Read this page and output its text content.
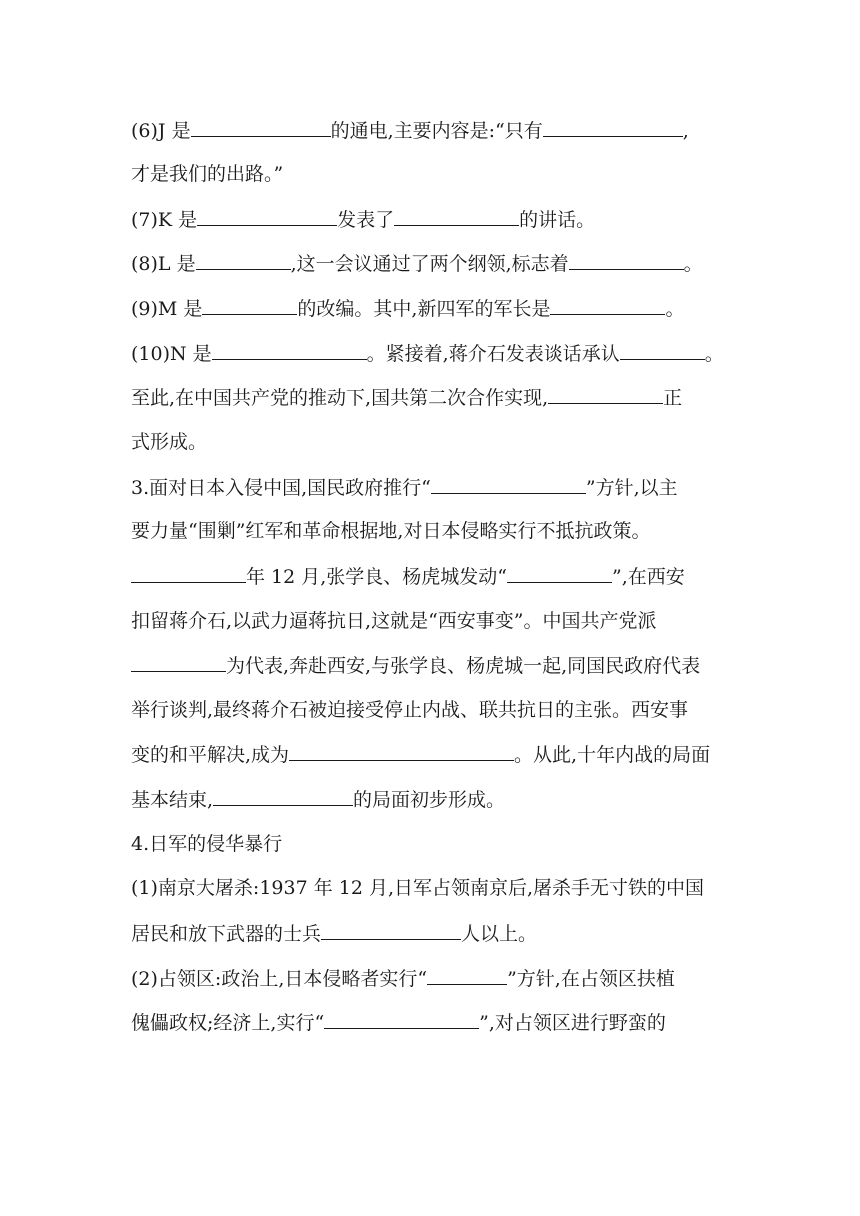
(6)J 是	的通电,主要内容是:“只有	,
才是我们的出路。”
(7)K 是	发表了	的讲话。
(8)L 是	,这一会议通过了两个纲领,标志着	。
(9)M 是	的改编。其中,新四军的军长是	。
(10)N 是	。紧接着,蒋介石发表谈话承认	。
至此,在中国共产党的推动下,国共第二次合作实现,	正
式形成。
3.面对日本入侵中国,国民政府推行“	”方针,以主
要力量“围剿”红军和革命根据地,对日本侵略实行不抵抗政策。
年 12 月,张学良、杨虎城发动“	”,在西安
扣留蒋介石,以武力逼蒋抗日,这就是“西安事变”。中国共产党派
为代表,奔赴西安,与张学良、杨虎城一起,同国民政府代表
举行谈判,最终蒋介石被迫接受停止内战、联共抗日的主张。西安事
变的和平解决,成为	。从此,十年内战的局面
基本结束,	的局面初步形成。
4.日军的侵华暴行
(1)南京大屠杀:1937 年 12 月,日军占领南京后,屠杀手无寸铁的中国
居民和放下武器的士兵	人以上。
(2)占领区:政治上,日本侵略者实行“	”方针,在占领区扶植
傀儡政权;经济上,实行“	”,对占领区进行野蛮的
